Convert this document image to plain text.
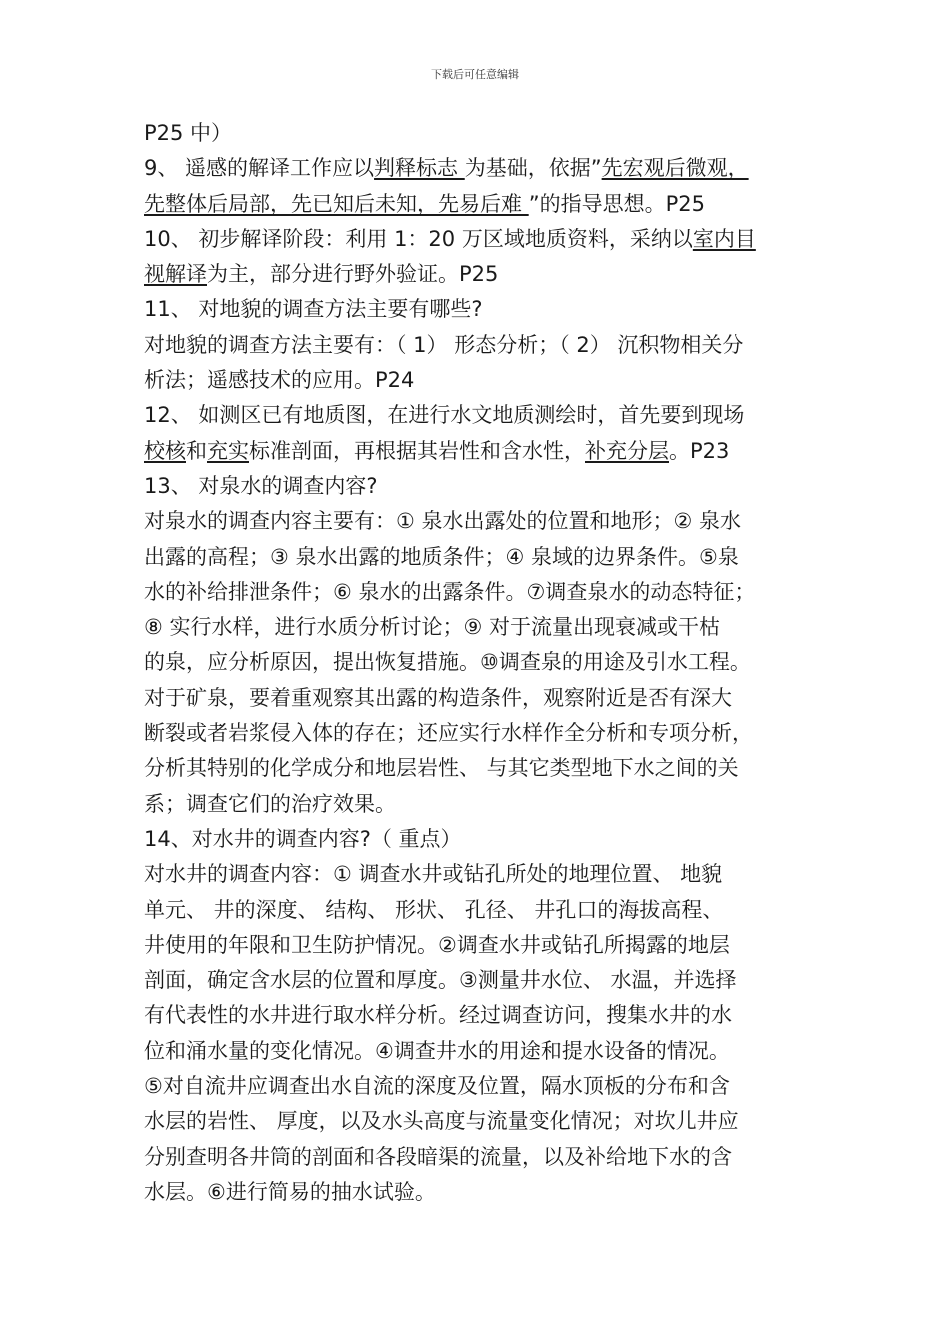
下载后可任意编辑
P25 中）
9、 遥感的解译工作应以判释标志 为基础，依据”先宏观后微观，
先整体后局部，先已知后未知，先易后难 ”的指导思想。P25
10、 初步解译阶段：利用 1：20 万区域地质资料，采纳以室内目
视解译为主，部分进行野外验证。P25
11、 对地貌的调查方法主要有哪些?
对地貌的调查方法主要有：（ 1） 形态分析；（ 2） 沉积物相关分
析法；遥感技术的应用。P24
12、 如测区已有地质图，在进行水文地质测绘时，首先要到现场
校核和充实标准剖面，再根据其岩性和含水性，补充分层。P23
13、 对泉水的调查内容?
对泉水的调查内容主要有：① 泉水出露处的位置和地形；② 泉水
出露的高程；③ 泉水出露的地质条件；④ 泉域的边界条件。⑤泉
水的补给排泄条件；⑥ 泉水的出露条件。⑦调查泉水的动态特征；
⑧ 实行水样，进行水质分析讨论；⑨ 对于流量出现衰减或干枯
的泉，应分析原因，提出恢复措施。⑩调查泉的用途及引水工程。
对于矿泉，要着重观察其出露的构造条件，观察附近是否有深大
断裂或者岩浆侵入体的存在；还应实行水样作全分析和专项分析，
分析其特别的化学成分和地层岩性、 与其它类型地下水之间的关
系；调查它们的治疗效果。
14、对水井的调查内容?（ 重点）
对水井的调查内容：① 调查水井或钻孔所处的地理位置、 地貌
单元、 井的深度、 结构、 形状、 孔径、 井孔口的海拔高程、
井使用的年限和卫生防护情况。②调查水井或钻孔所揭露的地层
剖面，确定含水层的位置和厚度。③测量井水位、 水温，并选择
有代表性的水井进行取水样分析。经过调查访问，搜集水井的水
位和涌水量的变化情况。④调查井水的用途和提水设备的情况。
⑤对自流井应调查出水自流的深度及位置，隔水顶板的分布和含
水层的岩性、 厚度，以及水头高度与流量变化情况；对坎儿井应
分别查明各井筒的剖面和各段暗渠的流量，以及补给地下水的含
水层。⑥进行简易的抽水试验。
